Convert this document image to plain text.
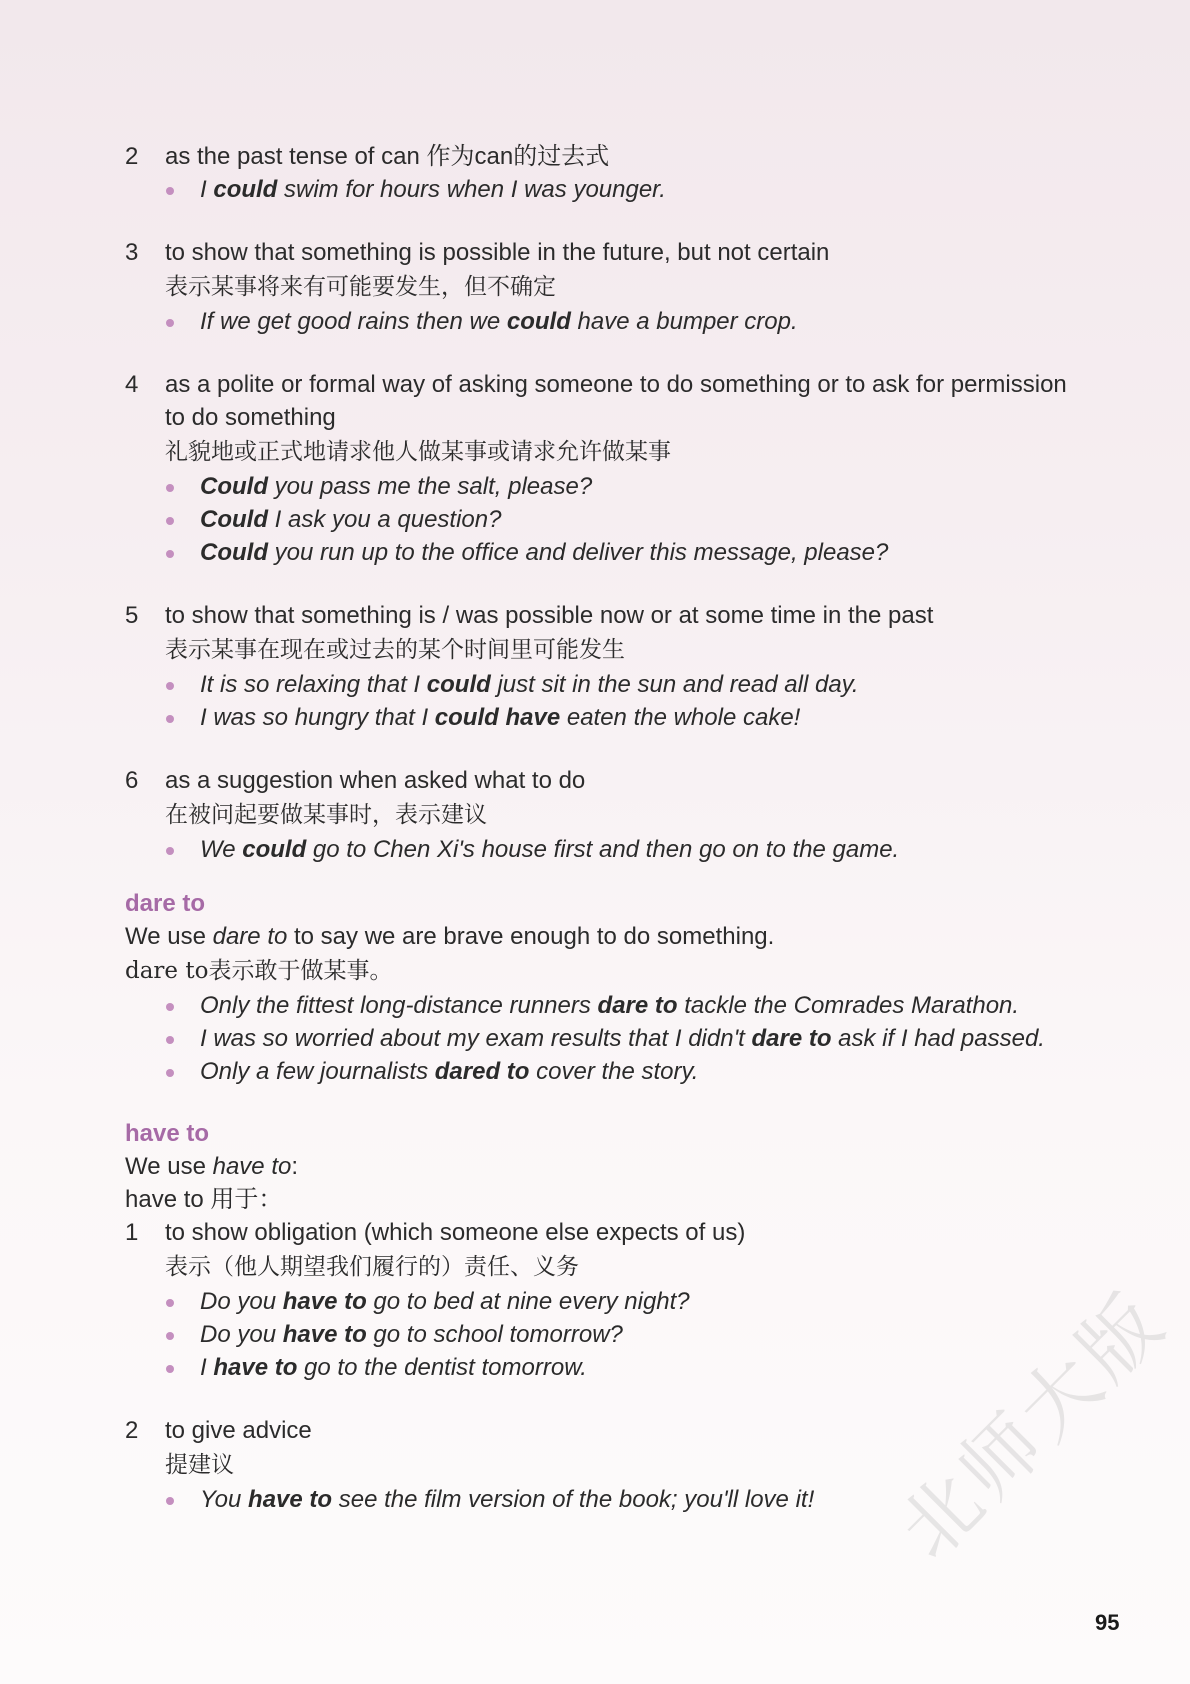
2 as the past tense of can 作为can的过去式
I could swim for hours when I was younger.
3 to show that something is possible in the future, but not certain
表示某事将来有可能要发生，但不确定
If we get good rains then we could have a bumper crop.
4 as a polite or formal way of asking someone to do something or to ask for permission to do something
礼貌地或正式地请求他人做某事或请求允许做某事
Could you pass me the salt, please?
Could I ask you a question?
Could you run up to the office and deliver this message, please?
5 to show that something is / was possible now or at some time in the past
表示某事在现在或过去的某个时间里可能发生
It is so relaxing that I could just sit in the sun and read all day.
I was so hungry that I could have eaten the whole cake!
6 as a suggestion when asked what to do
在被问起要做某事时，表示建议
We could go to Chen Xi's house first and then go on to the game.
dare to
We use dare to to say we are brave enough to do something.
dare to表示敢于做某事。
Only the fittest long-distance runners dare to tackle the Comrades Marathon.
I was so worried about my exam results that I didn't dare to ask if I had passed.
Only a few journalists dared to cover the story.
have to
We use have to:
have to 用于：
1 to show obligation (which someone else expects of us)
表示（他人期望我们履行的）责任、义务
Do you have to go to bed at nine every night?
Do you have to go to school tomorrow?
I have to go to the dentist tomorrow.
2 to give advice
提建议
You have to see the film version of the book; you'll love it! 北师大版
95
